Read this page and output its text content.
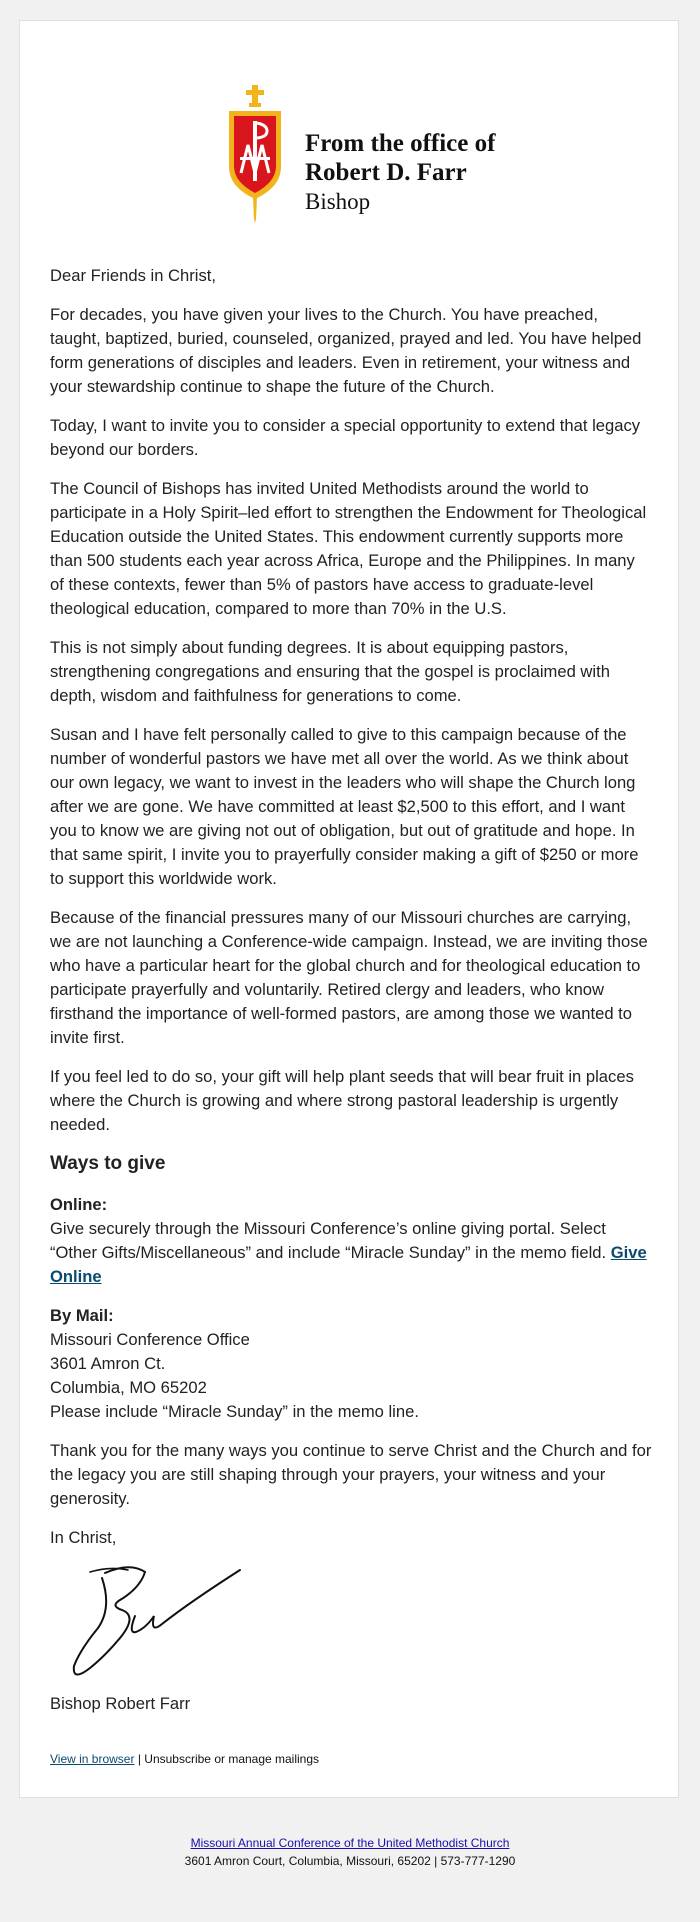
From the office of
Robert D. Farr
Bishop

Dear Friends in Christ,

For decades, you have given your lives to the Church. You have preached, taught, baptized, buried, counseled, organized, prayed and led. You have helped form generations of disciples and leaders. Even in retirement, your witness and your stewardship continue to shape the future of the Church.

Today, I want to invite you to consider a special opportunity to extend that legacy beyond our borders.

The Council of Bishops has invited United Methodists around the world to participate in a Holy Spirit–led effort to strengthen the Endowment for Theological Education outside the United States. This endowment currently supports more than 500 students each year across Africa, Europe and the Philippines. In many of these contexts, fewer than 5% of pastors have access to graduate-level theological education, compared to more than 70% in the U.S.

This is not simply about funding degrees. It is about equipping pastors, strengthening congregations and ensuring that the gospel is proclaimed with depth, wisdom and faithfulness for generations to come.

Susan and I have felt personally called to give to this campaign because of the number of wonderful pastors we have met all over the world. As we think about our own legacy, we want to invest in the leaders who will shape the Church long after we are gone. We have committed at least $2,500 to this effort, and I want you to know we are giving not out of obligation, but out of gratitude and hope. In that same spirit, I invite you to prayerfully consider making a gift of $250 or more to support this worldwide work.

Because of the financial pressures many of our Missouri churches are carrying, we are not launching a Conference-wide campaign. Instead, we are inviting those who have a particular heart for the global church and for theological education to participate prayerfully and voluntarily. Retired clergy and leaders, who know firsthand the importance of well-formed pastors, are among those we wanted to invite first.

If you feel led to do so, your gift will help plant seeds that will bear fruit in places where the Church is growing and where strong pastoral leadership is urgently needed.

Ways to give

Online:
Give securely through the Missouri Conference’s online giving portal. Select “Other Gifts/Miscellaneous” and include “Miracle Sunday” in the memo field. Give Online

By Mail:
Missouri Conference Office
3601 Amron Ct.
Columbia, MO 65202
Please include “Miracle Sunday” in the memo line.

Thank you for the many ways you continue to serve Christ and the Church and for the legacy you are still shaping through your prayers, your witness and your generosity.

In Christ,

Bishop Robert Farr
View in browser | Unsubscribe or manage mailings
Missouri Annual Conference of the United Methodist Church
3601 Amron Court, Columbia, Missouri, 65202 | 573-777-1290
